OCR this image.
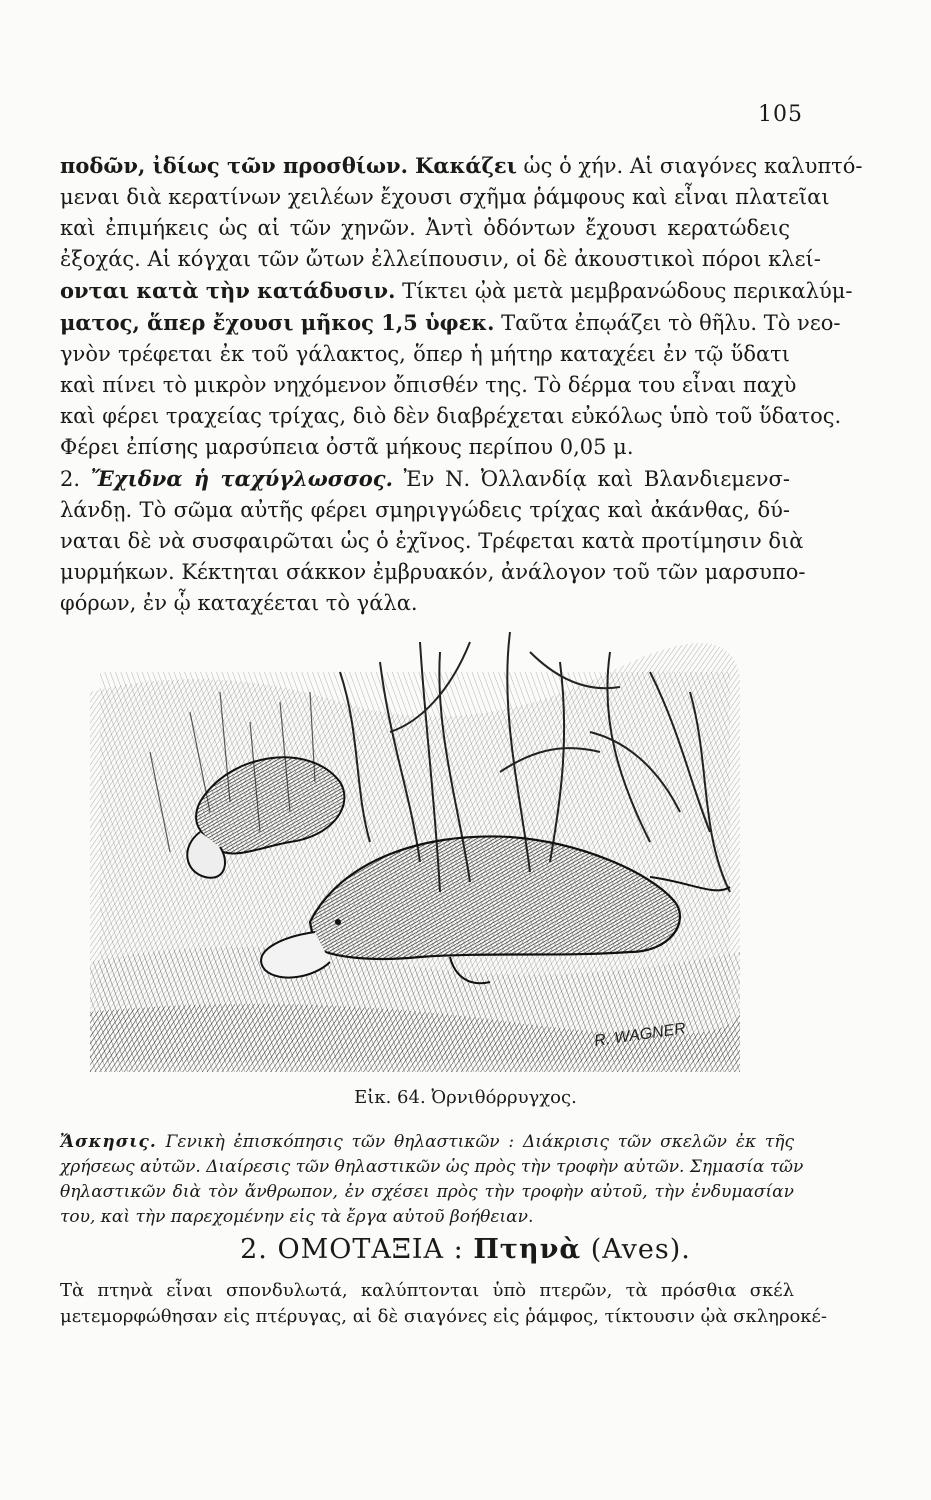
105
ποδῶν, ἰδίως τῶν προσθίων. Κακάζει ὡς ὁ χήν. Αἱ σιαγόνες καλυπτό-
μεναι διὰ κερατίνων χειλέων ἔχουσι σχῆμα ῥάμφους καὶ εἶναι πλατεῖαι
καὶ ἐπιμήκεις ὡς αἱ τῶν χηνῶν. Ἀντὶ ὀδόντων ἔχουσι κερατώδεις
ἐξοχάς. Αἱ κόγχαι τῶν ὤτων ἐλλείπουσιν, οἱ δὲ ἀκουστικοὶ πόροι κλεί-
ονται κατὰ τὴν κατάδυσιν. Τίκτει ᾠὰ μετὰ μεμβρανώδους περικαλύμ-
ματος, ἅπερ ἔχουσι μῆκος 1,5 ὑφεκ. Ταῦτα ἐπῳάζει τὸ θῆλυ. Τὸ νεο-
γνὸν τρέφεται ἐκ τοῦ γάλακτος, ὅπερ ἡ μήτηρ καταχέει ἐν τῷ ὕδατι
καὶ πίνει τὸ μικρὸν νηχόμενον ὄπισθέν της. Τὸ δέρμα του εἶναι παχὺ
καὶ φέρει τραχείας τρίχας, διὸ δὲν διαβρέχεται εὐκόλως ὑπὸ τοῦ ὕδατος.
Φέρει ἐπίσης μαρσύπεια ὀστᾶ μήκους περίπου 0,05 μ.
2. Ἔχιδνα ἡ ταχύγλωσσος. Ἐν Ν. Ὀλλανδίᾳ καὶ Βλανδιεμενσ-
λάνδῃ. Τὸ σῶμα αὐτῆς φέρει σμηριγγώδεις τρίχας καὶ ἀκάνθας, δύ-
ναται δὲ νὰ συσφαιρῶται ὡς ὁ ἐχῖνος. Τρέφεται κατὰ προτίμησιν διὰ
μυρμήκων. Κέκτηται σάκκον ἐμβρυακόν, ἀνάλογον τοῦ τῶν μαρσυπο-
φόρων, ἐν ᾧ καταχέεται τὸ γάλα.
R. WAGNER
Εἰκ. 64. Ὀρνιθόρρυγχος.
Ἄσκησις. Γενικὴ ἐπισκόπησις τῶν θηλαστικῶν : Διάκρισις τῶν σκελῶν ἐκ τῆς
χρήσεως αὐτῶν. Διαίρεσις τῶν θηλαστικῶν ὡς πρὸς τὴν τροφὴν αὐτῶν. Σημασία τῶν
θηλαστικῶν διὰ τὸν ἄνθρωπον, ἐν σχέσει πρὸς τὴν τροφὴν αὐτοῦ, τὴν ἐνδυμασίαν
του, καὶ τὴν παρεχομένην εἰς τὰ ἔργα αὐτοῦ βοήθειαν.
2. ΟΜΟΤΑΞΙΑ : Πτηνὰ (Aves).
Τὰ πτηνὰ εἶναι σπονδυλωτά, καλύπτονται ὑπὸ πτερῶν, τὰ πρόσθια σκέλ
μετεμορφώθησαν εἰς πτέρυγας, αἱ δὲ σιαγόνες εἰς ῥάμφος, τίκτουσιν ᾠὰ σκληροκέ-
